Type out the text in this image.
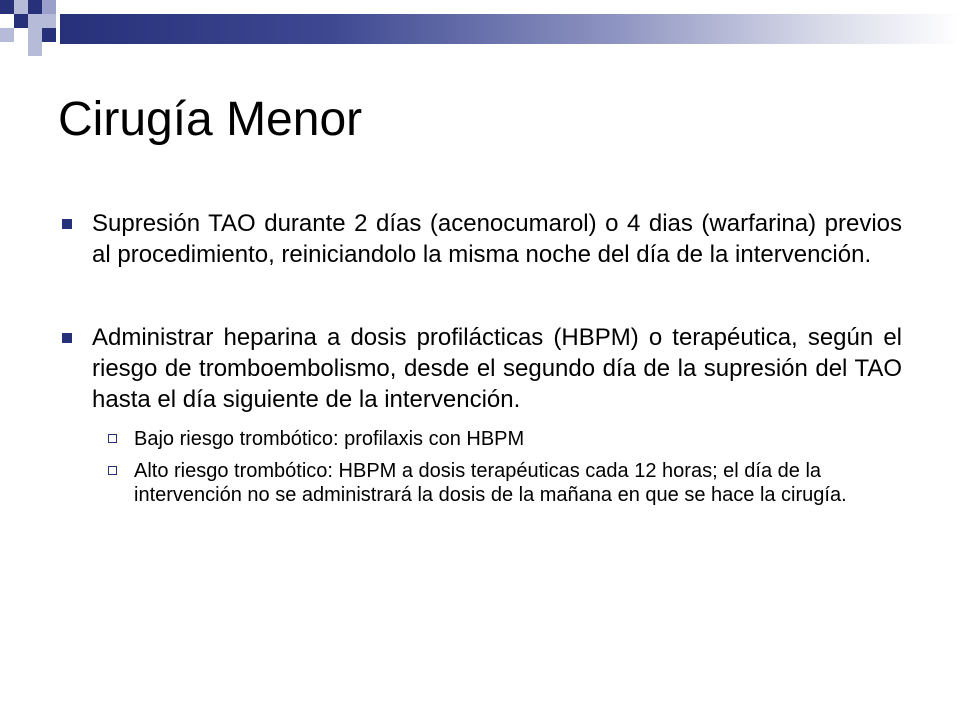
Cirugía Menor
Supresión TAO durante 2 días (acenocumarol) o 4 dias (warfarina) previos al procedimiento, reiniciandolo la misma noche del día de la intervención.
Administrar heparina a dosis profilácticas (HBPM) o terapéutica, según el riesgo de tromboembolismo, desde el segundo día de la supresión del TAO hasta el día siguiente de la intervención.
Bajo riesgo trombótico: profilaxis con HBPM
Alto riesgo trombótico: HBPM a dosis terapéuticas cada 12 horas; el día de la intervención no se administrará la dosis de la mañana en que se hace la cirugía.
